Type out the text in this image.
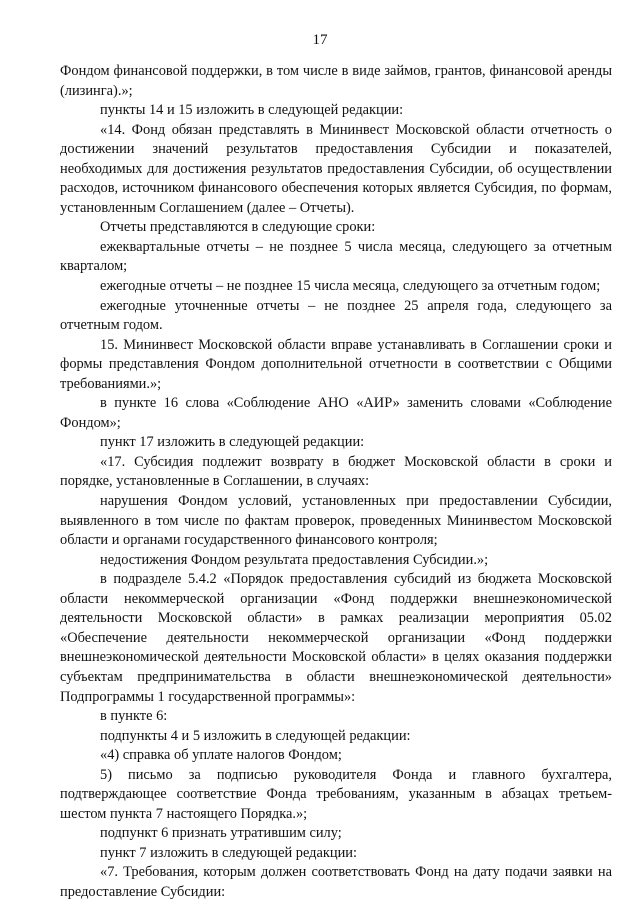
17

Фондом финансовой поддержки, в том числе в виде займов, грантов, финансовой аренды (лизинга).»;

пункты 14 и 15 изложить в следующей редакции:

«14. Фонд обязан представлять в Мининвест Московской области отчетность о достижении значений результатов предоставления Субсидии и показателей, необходимых для достижения результатов предоставления Субсидии, об осуществлении расходов, источником финансового обеспечения которых является Субсидия, по формам, установленным Соглашением (далее – Отчеты).

Отчеты представляются в следующие сроки:

ежеквартальные отчеты – не позднее 5 числа месяца, следующего за отчетным кварталом;

ежегодные отчеты – не позднее 15 числа месяца, следующего за отчетным годом;

ежегодные уточненные отчеты – не позднее 25 апреля года, следующего за отчетным годом.

15. Мининвест Московской области вправе устанавливать в Соглашении сроки и формы представления Фондом дополнительной отчетности в соответствии с Общими требованиями.»;

в пункте 16 слова «Соблюдение АНО «АИР» заменить словами «Соблюдение Фондом»;

пункт 17 изложить в следующей редакции:

«17. Субсидия подлежит возврату в бюджет Московской области в сроки и порядке, установленные в Соглашении, в случаях:

нарушения Фондом условий, установленных при предоставлении Субсидии, выявленного в том числе по фактам проверок, проведенных Мининвестом Московской области и органами государственного финансового контроля;

недостижения Фондом результата предоставления Субсидии.»;

в подразделе 5.4.2 «Порядок предоставления субсидий из бюджета Московской области некоммерческой организации «Фонд поддержки внешнеэкономической деятельности Московской области» в рамках реализации мероприятия 05.02 «Обеспечение деятельности некоммерческой организации «Фонд поддержки внешнеэкономической деятельности Московской области» в целях оказания поддержки субъектам предпринимательства в области внешнеэкономической деятельности» Подпрограммы 1 государственной программы»:

в пункте 6:

подпункты 4 и 5 изложить в следующей редакции:

«4) справка об уплате налогов Фондом;

5) письмо за подписью руководителя Фонда и главного бухгалтера, подтверждающее соответствие Фонда требованиям, указанным в абзацах третьем-шестом пункта 7 настоящего Порядка.»;

подпункт 6 признать утратившим силу;

пункт 7 изложить в следующей редакции:

«7. Требования, которым должен соответствовать Фонд на дату подачи заявки на предоставление Субсидии:
